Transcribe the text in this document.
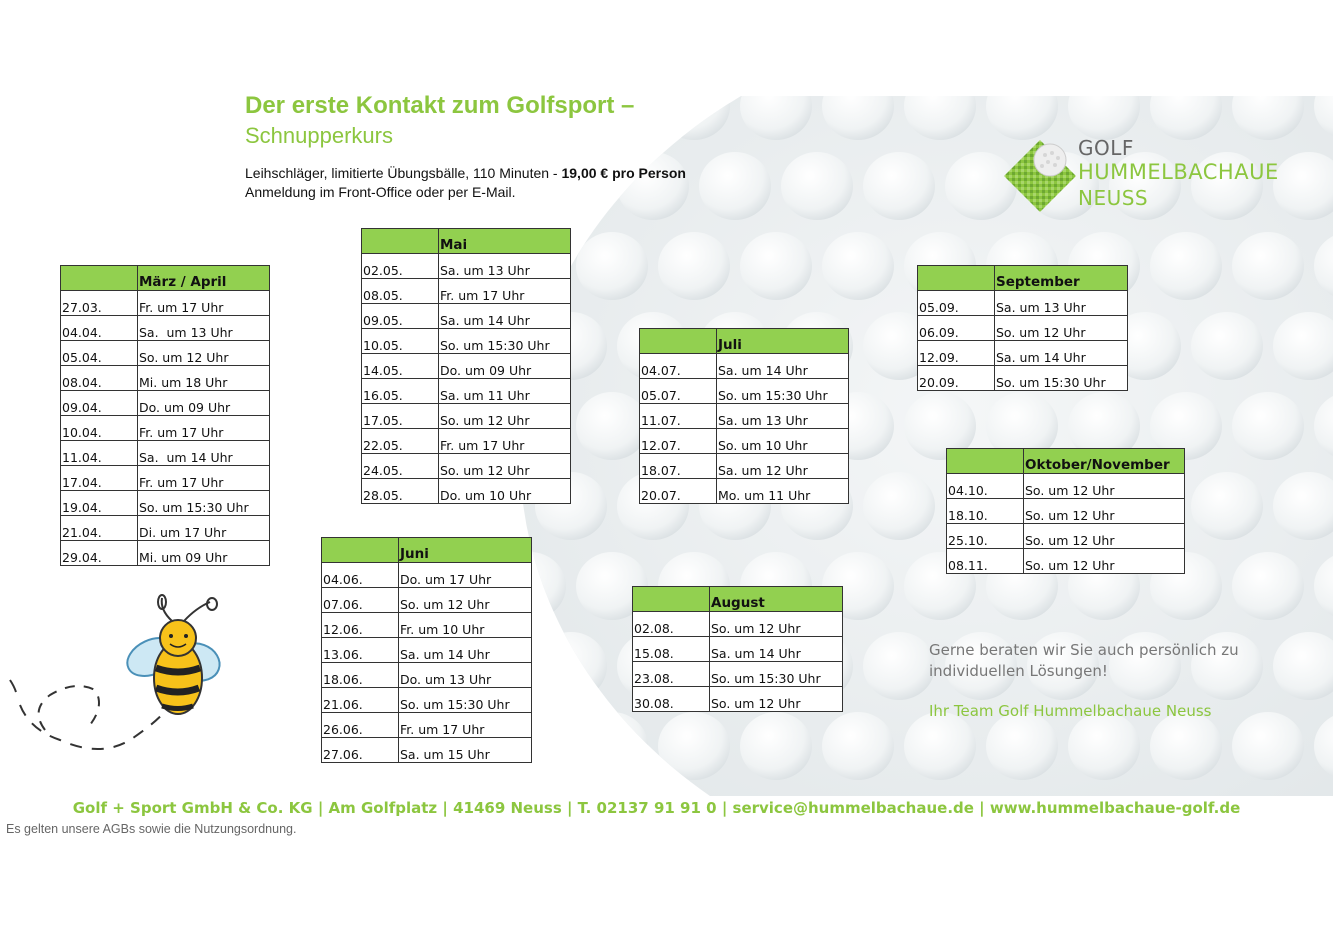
Der erste Kontakt zum Golfsport –
Schnupperkurs
Leihschläger, limitierte Übungsbälle, 110 Minuten - 19,00 € pro Person
Anmeldung im Front-Office oder per E-Mail.
GOLF
HUMMELBACHAUE
NEUSS
	März / April
27.03.	Fr. um 17 Uhr
04.04.	Sa.  um 13 Uhr
05.04.	So. um 12 Uhr
08.04.	Mi. um 18 Uhr
09.04.	Do. um 09 Uhr
10.04.	Fr. um 17 Uhr
11.04.	Sa.  um 14 Uhr
17.04.	Fr. um 17 Uhr
19.04.	So. um 15:30 Uhr
21.04.	Di. um 17 Uhr
29.04.	Mi. um 09 Uhr
	Mai
02.05.	Sa. um 13 Uhr
08.05.	Fr. um 17 Uhr
09.05.	Sa. um 14 Uhr
10.05.	So. um 15:30 Uhr
14.05.	Do. um 09 Uhr
16.05.	Sa. um 11 Uhr
17.05.	So. um 12 Uhr
22.05.	Fr. um 17 Uhr
24.05.	So. um 12 Uhr
28.05.	Do. um 10 Uhr
	Juni
04.06.	Do. um 17 Uhr
07.06.	So. um 12 Uhr
12.06.	Fr. um 10 Uhr
13.06.	Sa. um 14 Uhr
18.06.	Do. um 13 Uhr
21.06.	So. um 15:30 Uhr
26.06.	Fr. um 17 Uhr
27.06.	Sa. um 15 Uhr
	Juli
04.07.	Sa. um 14 Uhr
05.07.	So. um 15:30 Uhr
11.07.	Sa. um 13 Uhr
12.07.	So. um 10 Uhr
18.07.	Sa. um 12 Uhr
20.07.	Mo. um 11 Uhr
	August
02.08.	So. um 12 Uhr
15.08.	Sa. um 14 Uhr
23.08.	So. um 15:30 Uhr
30.08.	So. um 12 Uhr
	September
05.09.	Sa. um 13 Uhr
06.09.	So. um 12 Uhr
12.09.	Sa. um 14 Uhr
20.09.	So. um 15:30 Uhr
	Oktober/November
04.10.	So. um 12 Uhr
18.10.	So. um 12 Uhr
25.10.	So. um 12 Uhr
08.11.	So. um 12 Uhr
Gerne beraten wir Sie auch persönlich zu individuellen Lösungen!
Ihr Team Golf Hummelbachaue Neuss
Golf + Sport GmbH & Co. KG | Am Golfplatz | 41469 Neuss | T. 02137 91 91 0 | service@hummelbachaue.de | www.hummelbachaue-golf.de
Es gelten unsere AGBs sowie die Nutzungsordnung.
